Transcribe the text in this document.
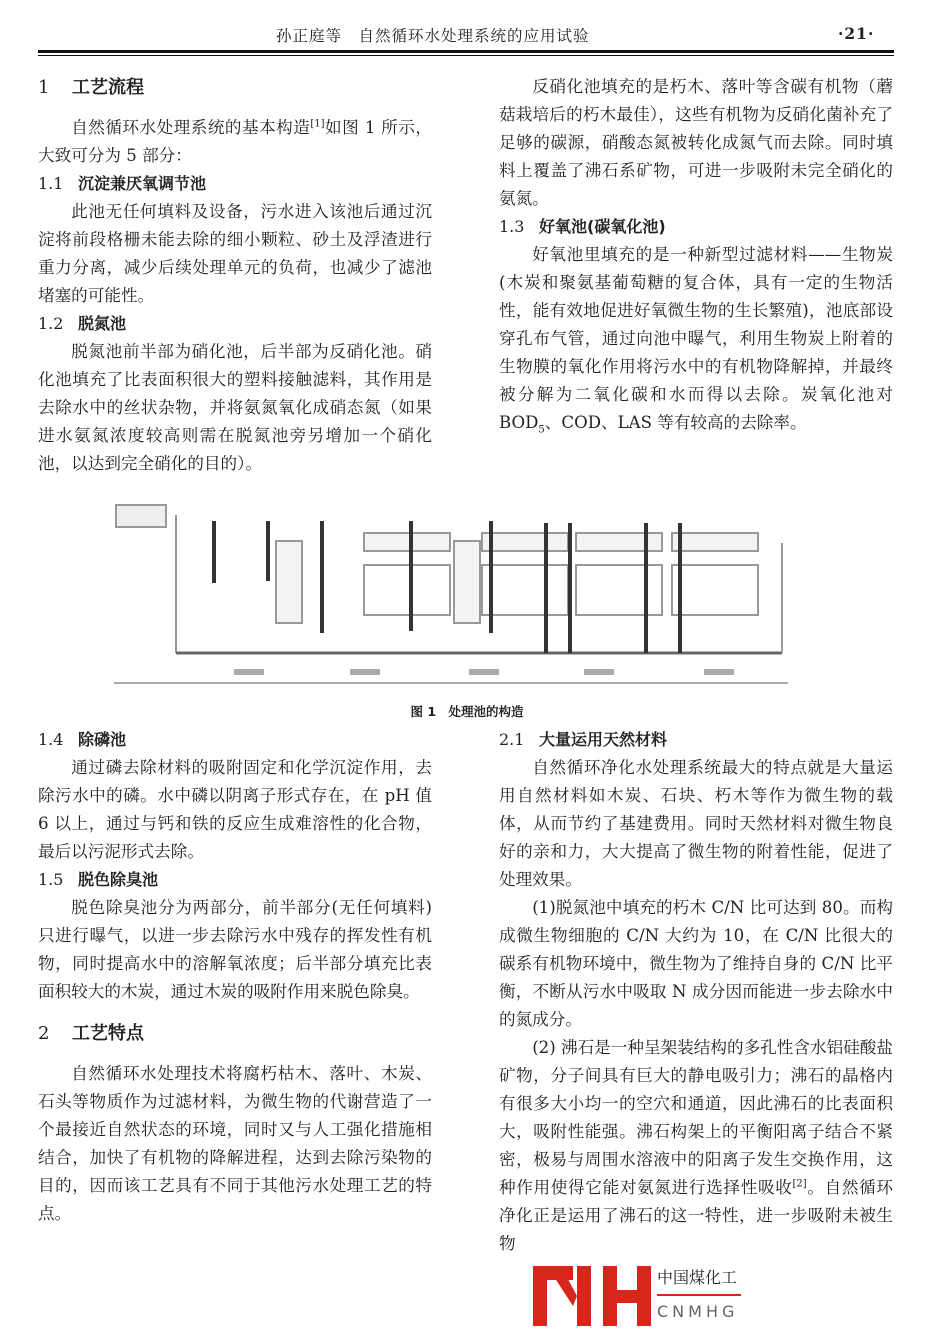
孙正庭等　自然循环水处理系统的应用试验	·21·
1 工艺流程

自然循环水处理系统的基本构造[1]如图 1 所示，大致可分为 5 部分：

1.1 沉淀兼厌氧调节池

此池无任何填料及设备，污水进入该池后通过沉淀将前段格栅未能去除的细小颗粒、砂土及浮渣进行重力分离，减少后续处理单元的负荷，也减少了滤池堵塞的可能性。

1.2 脱氮池

脱氮池前半部为硝化池，后半部为反硝化池。硝化池填充了比表面积很大的塑料接触滤料，其作用是去除水中的丝状杂物，并将氨氮氧化成硝态氮（如果进水氨氮浓度较高则需在脱氮池旁另增加一个硝化池，以达到完全硝化的目的）。

反硝化池填充的是朽木、落叶等含碳有机物（蘑菇栽培后的朽木最佳），这些有机物为反硝化菌补充了足够的碳源，硝酸态氮被转化成氮气而去除。同时填料上覆盖了沸石系矿物，可进一步吸附未完全硝化的氨氮。

1.3 好氧池(碳氧化池)

好氧池里填充的是一种新型过滤材料——生物炭(木炭和聚氨基葡萄糖的复合体，具有一定的生物活性，能有效地促进好氧微生物的生长繁殖)，池底部设穿孔布气管，通过向池中曝气，利用生物炭上附着的生物膜的氧化作用将污水中的有机物降解掉，并最终被分解为二氧化碳和水而得以去除。炭氧化池对 $BOD_5$、COD、LAS 等有较高的去除率。

图 1　处理池的构造
1.4 除磷池

通过磷去除材料的吸附固定和化学沉淀作用，去除污水中的磷。水中磷以阴离子形式存在，在 pH 值 6 以上，通过与钙和铁的反应生成难溶性的化合物，最后以污泥形式去除。

1.5 脱色除臭池

脱色除臭池分为两部分，前半部分(无任何填料)只进行曝气，以进一步去除污水中残存的挥发性有机物，同时提高水中的溶解氧浓度；后半部分填充比表面积较大的木炭，通过木炭的吸附作用来脱色除臭。

2 工艺特点

自然循环水处理技术将腐朽枯木、落叶、木炭、石头等物质作为过滤材料，为微生物的代谢营造了一个最接近自然状态的环境，同时又与人工强化措施相结合，加快了有机物的降解进程，达到去除污染物的目的，因而该工艺具有不同于其他污水处理工艺的特点。

2.1 大量运用天然材料

自然循环净化水处理系统最大的特点就是大量运用自然材料如木炭、石块、朽木等作为微生物的载体，从而节约了基建费用。同时天然材料对微生物良好的亲和力，大大提高了微生物的附着性能，促进了处理效果。

(1)脱氮池中填充的朽木 C/N 比可达到 80。而构成微生物细胞的 C/N 大约为 10，在 C/N 比很大的碳系有机物环境中，微生物为了维持自身的 C/N 比平衡，不断从污水中吸取 N 成分因而能进一步去除水中的氮成分。

(2) 沸石是一种呈架装结构的多孔性含水铝硅酸盐矿物，分子间具有巨大的静电吸引力；沸石的晶格内有很多大小均一的空穴和通道，因此沸石的比表面积大，吸附性能强。沸石构架上的平衡阳离子结合不紧密，极易与周围水溶液中的阳离子发生交换作用，这种作用使得它能对氨氮进行选择性吸收[2]。自然循环净化正是运用了沸石的这一特性，进一步吸附未被生物

中国煤化工
CNMHG
